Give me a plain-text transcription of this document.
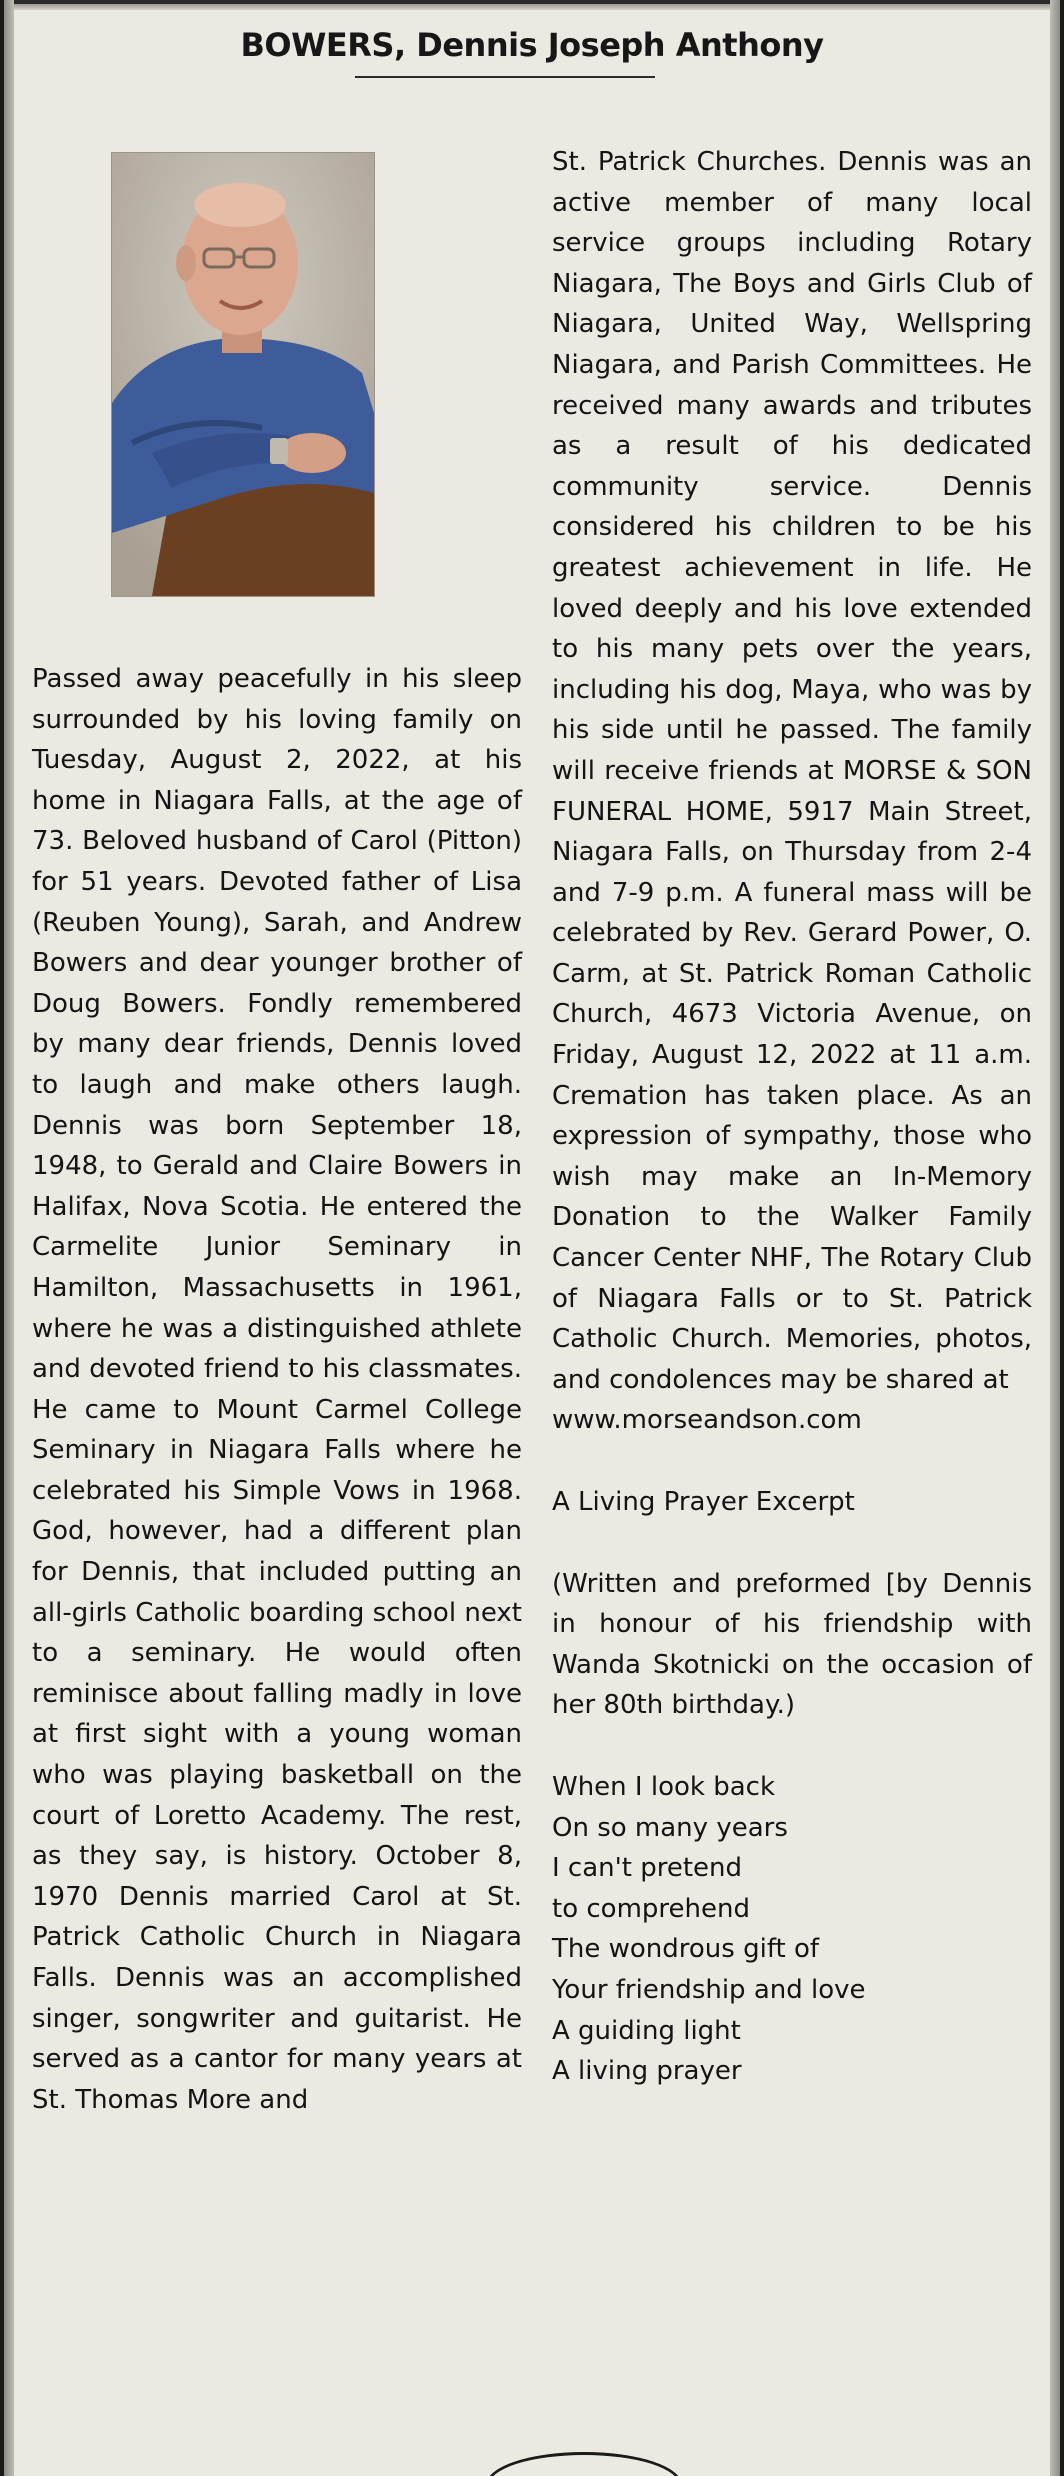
BOWERS, Dennis Joseph Anthony

Passed away peacefully in his sleep surrounded by his loving family on Tuesday, August 2, 2022, at his home in Niagara Falls, at the age of 73. Beloved husband of Carol (Pitton) for 51 years. Devoted father of Lisa (Reuben Young), Sarah, and Andrew Bowers and dear younger brother of Doug Bowers. Fondly remembered by many dear friends, Dennis loved to laugh and make others laugh. Dennis was born September 18, 1948, to Gerald and Claire Bowers in Halifax, Nova Scotia. He entered the Carmelite Junior Seminary in Hamilton, Massachusetts in 1961, where he was a distinguished athlete and devoted friend to his classmates. He came to Mount Carmel College Seminary in Niagara Falls where he celebrated his Simple Vows in 1968. God, however, had a different plan for Dennis, that included putting an all-girls Catholic boarding school next to a seminary. He would often reminisce about falling madly in love at first sight with a young woman who was playing basketball on the court of Loretto Academy. The rest, as they say, is history. October 8, 1970 Dennis married Carol at St. Patrick Catholic Church in Niagara Falls. Dennis was an accomplished singer, songwriter and guitarist. He served as a cantor for many years at St. Thomas More and

St. Patrick Churches. Dennis was an active member of many local service groups including Rotary Niagara, The Boys and Girls Club of Niagara, United Way, Wellspring Niagara, and Parish Committees. He received many awards and tributes as a result of his dedicated community service. Dennis considered his children to be his greatest achievement in life. He loved deeply and his love extended to his many pets over the years, including his dog, Maya, who was by his side until he passed. The family will receive friends at MORSE & SON FUNERAL HOME, 5917 Main Street, Niagara Falls, on Thursday from 2-4 and 7-9 p.m. A funeral mass will be celebrated by Rev. Gerard Power, O. Carm, at St. Patrick Roman Catholic Church, 4673 Victoria Avenue, on Friday, August 12, 2022 at 11 a.m. Cremation has taken place. As an expression of sympathy, those who wish may make an In-Memory Donation to the Walker Family Cancer Center NHF, The Rotary Club of Niagara Falls or to St. Patrick Catholic Church. Memories, photos, and condolences may be shared at

www.morseandson.com

A Living Prayer Excerpt

(Written and preformed [by Dennis in honour of his friendship with Wanda Skotnicki on the occasion of her 80th birthday.)

When I look back

On so many years

I can't pretend

to comprehend

The wondrous gift of

Your friendship and love

A guiding light

A living prayer
